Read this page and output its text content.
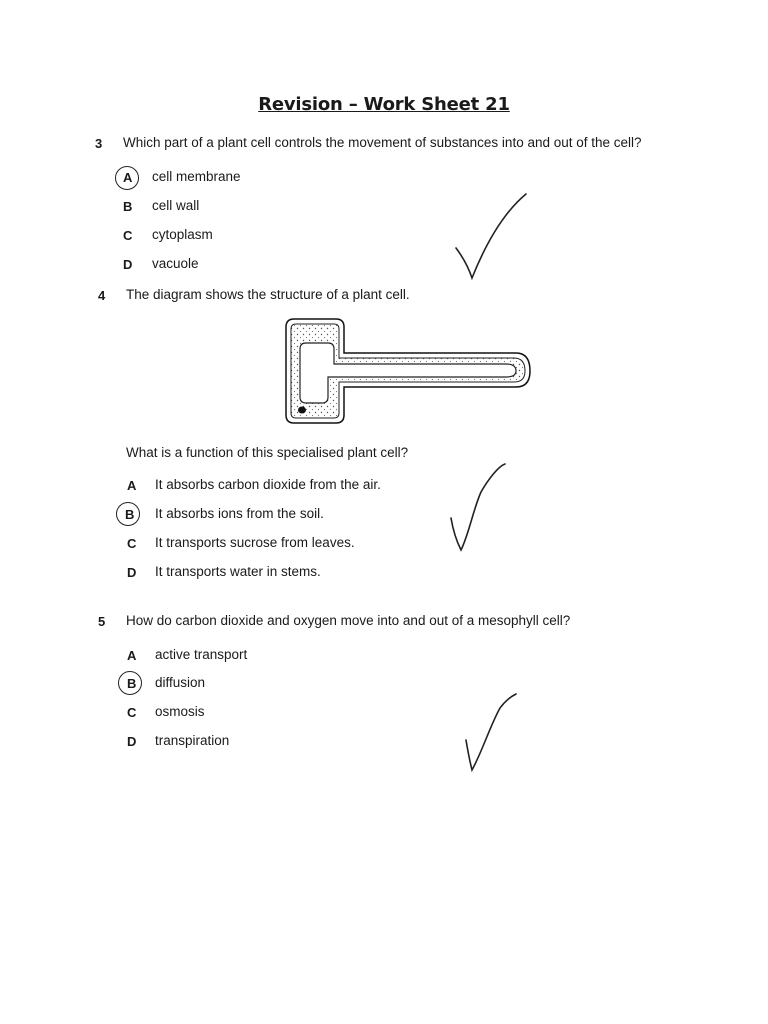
Revision – Work Sheet 21
3 Which part of a plant cell controls the movement of substances into and out of the cell?
A cell membrane
B cell wall
C cytoplasm
D vacuole
4 The diagram shows the structure of a plant cell.
What is a function of this specialised plant cell?
A It absorbs carbon dioxide from the air.
B It absorbs ions from the soil.
C It transports sucrose from leaves.
D It transports water in stems.
5 How do carbon dioxide and oxygen move into and out of a mesophyll cell?
A active transport
B diffusion
C osmosis
D transpiration
